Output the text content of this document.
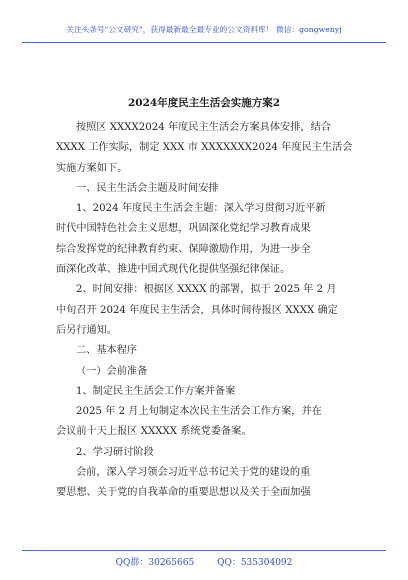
关注头条号"公文研究"，获得最新最全最专业的公文资料库！ 微信：gongwenyj
2024年度民主生活会实施方案2

按照区 XXXX2024 年度民主生活会方案具体安排，结合

XXXX 工作实际，制定 XXX 市 XXXXXXX2024 年度民主生活会

实施方案如下。

一、民主生活会主题及时间安排

1、2024 年度民主生活会主题：深入学习贯彻习近平新

时代中国特色社会主义思想，巩固深化党纪学习教育成果

综合发挥党的纪律教育约束、保障激励作用，为进一步全

面深化改革、推进中国式现代化提供坚强纪律保证。

2、时间安排：根据区 XXXX 的部署，拟于 2025 年 2 月

中旬召开 2024 年度民主生活会，具体时间待报区 XXXX 确定

后另行通知。

二、基本程序

（一）会前准备

1、制定民主生活会工作方案并备案

2025 年 2 月上旬制定本次民主生活会工作方案，并在

会议前十天上报区 XXXXX 系统党委备案。

2、学习研讨阶段

会前，深入学习领会习近平总书记关于党的建设的重

要思想、关于党的自我革命的重要思想以及关于全面加强

QQ群：30265665	QQ：535304092
